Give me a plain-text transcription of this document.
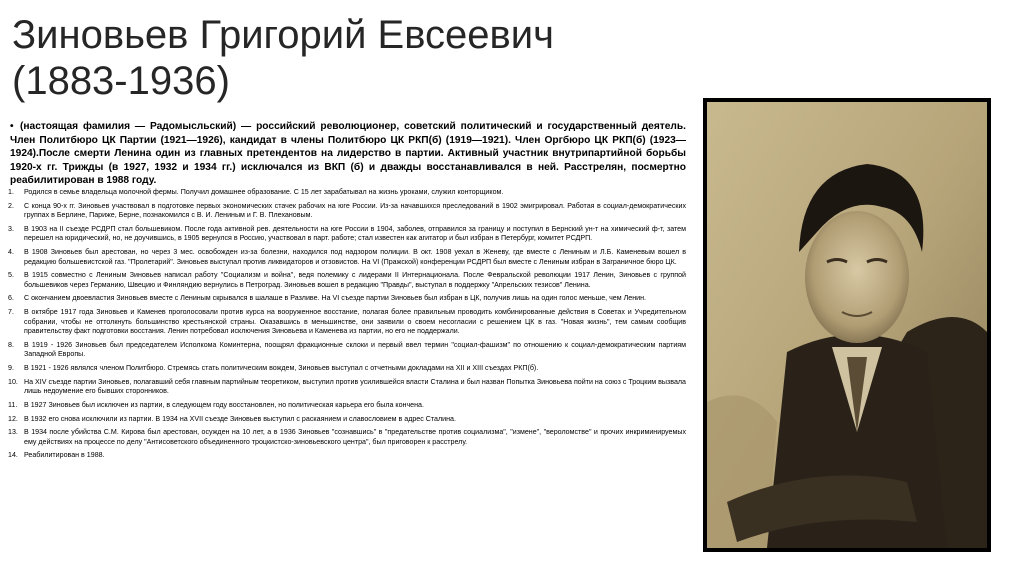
Зиновьев Григорий Евсеевич
(1883-1936)
• (настоящая фамилия — Радомысльский) — российский революционер, советский политический и государственный деятель. Член Политбюро ЦК Партии (1921—1926), кандидат в члены Политбюро ЦК РКП(б) (1919—1921). Член Оргбюро ЦК РКП(б) (1923—1924).После смерти Ленина один из главных претендентов на лидерство в партии. Активный участник внутрипартийной борьбы 1920-х гг. Трижды (в 1927, 1932 и 1934 гг.) исключался из ВКП (б) и дважды восстанавливался в ней. Расстрелян, посмертно реабилитирован в 1988 году.
1.	Родился в семье владельца молочной фермы. Получил домашнее образование. С 15 лет зарабатывал на жизнь уроками, служил конторщиком.
2.	С конца 90-х гг. Зиновьев участвовал в подготовке первых экономических стачек рабочих на юге России. Из-за начавшихся преследований в 1902 эмигрировал. Работая в социал-демократических группах в Берлине, Париже, Берне, познакомился с В. И. Лениным и Г. В. Плехановым.
3.	В 1903 на II съезде РСДРП стал большевиком. После года активной рев. деятельности на юге России в 1904, заболев, отправился за границу и поступил в Бернский ун-т на химический ф-т, затем перешел на юридический, но, не доучившись, в 1905 вернулся в Россию, участвовал в парт. работе; стал известен как агитатор и был избран в Петербург, комитет РСДРП.
4.	В 1908 Зиновьев был арестован, но через 3 мес. освобожден из-за болезни, находился под надзором полиции. В окт. 1908 уехал в Женеву, где вместе с Лениным и Л.Б. Каменевым вошел в редакцию большевистской газ. "Пролетарий". Зиновьев выступал против ликвидаторов и отзовистов. На VI (Пражской) конференции РСДРП был вместе с Лениным избран в Заграничное бюро ЦК.
5.	В 1915 совместно с Лениным Зиновьев написал работу "Социализм и война", ведя полемику с лидерами II Интернационала. После Февральской революции 1917 Ленин, Зиновьев с группой большевиков через Германию, Швецию и Финляндию вернулись в Петроград. Зиновьев вошел в редакцию "Правды", выступал в поддержку "Апрельских тезисов" Ленина.
6.	С окончанием двоевластия Зиновьев вместе с Лениным скрывался в шалаше в Разливе. На VI съезде партии Зиновьев был избран в ЦК, получив лишь на один голос меньше, чем Ленин.
7.	В октябре 1917 года Зиновьев и Каменев проголосовали против курса на вооруженное восстание, полагая более правильным проводить комбинированные действия в Советах и Учредительном собрании, чтобы не оттолкнуть большинство крестьянской страны. Оказавшись в меньшинстве, они заявили о своем несогласии с решением ЦК в газ. "Новая жизнь", тем самым сообщив правительству факт подготовки восстания. Ленин потребовал исключения Зиновьева и Каменева из партии, но его не поддержали.
8.	В 1919 - 1926 Зиновьев был председателем Исполкома Коминтерна, поощрял фракционные склоки и первый ввел термин "социал-фашизм" по отношению к социал-демократическим партиям Западной Европы.
9.	В 1921 - 1926 являлся членом Политбюро. Стремясь стать политическим вождем, Зиновьев выступал с отчетными докладами на XII и XIII съездах РКП(б).
10. На XIV съезде партии Зиновьев, полагавший себя главным партийным теоретиком, выступил против усилившейся власти Сталина и был назван Попытка Зиновьева пойти на союз с Троцким вызвала лишь недоумение его бывших сторонников.
11. В 1927 Зиновьев был исключен из партии, в следующем году восстановлен, но политическая карьера его была кончена.
12. В 1932 его снова исключили из партии. В 1934 на XVII съезде Зиновьев выступил с раскаянием и славословием в адрес Сталина.
13. В 1934 после убийства С.М. Кирова был арестован, осужден на 10 лет, а в 1936 Зиновьев "сознавшись" в "предательстве против социализма", "измене", "вероломстве" и прочих инкриминируемых ему действиях на процессе по делу "Антисоветского объединенного троцкистско-зиновьевского центра", был приговорен к расстрелу.
14. Реабилитирован в 1988.
